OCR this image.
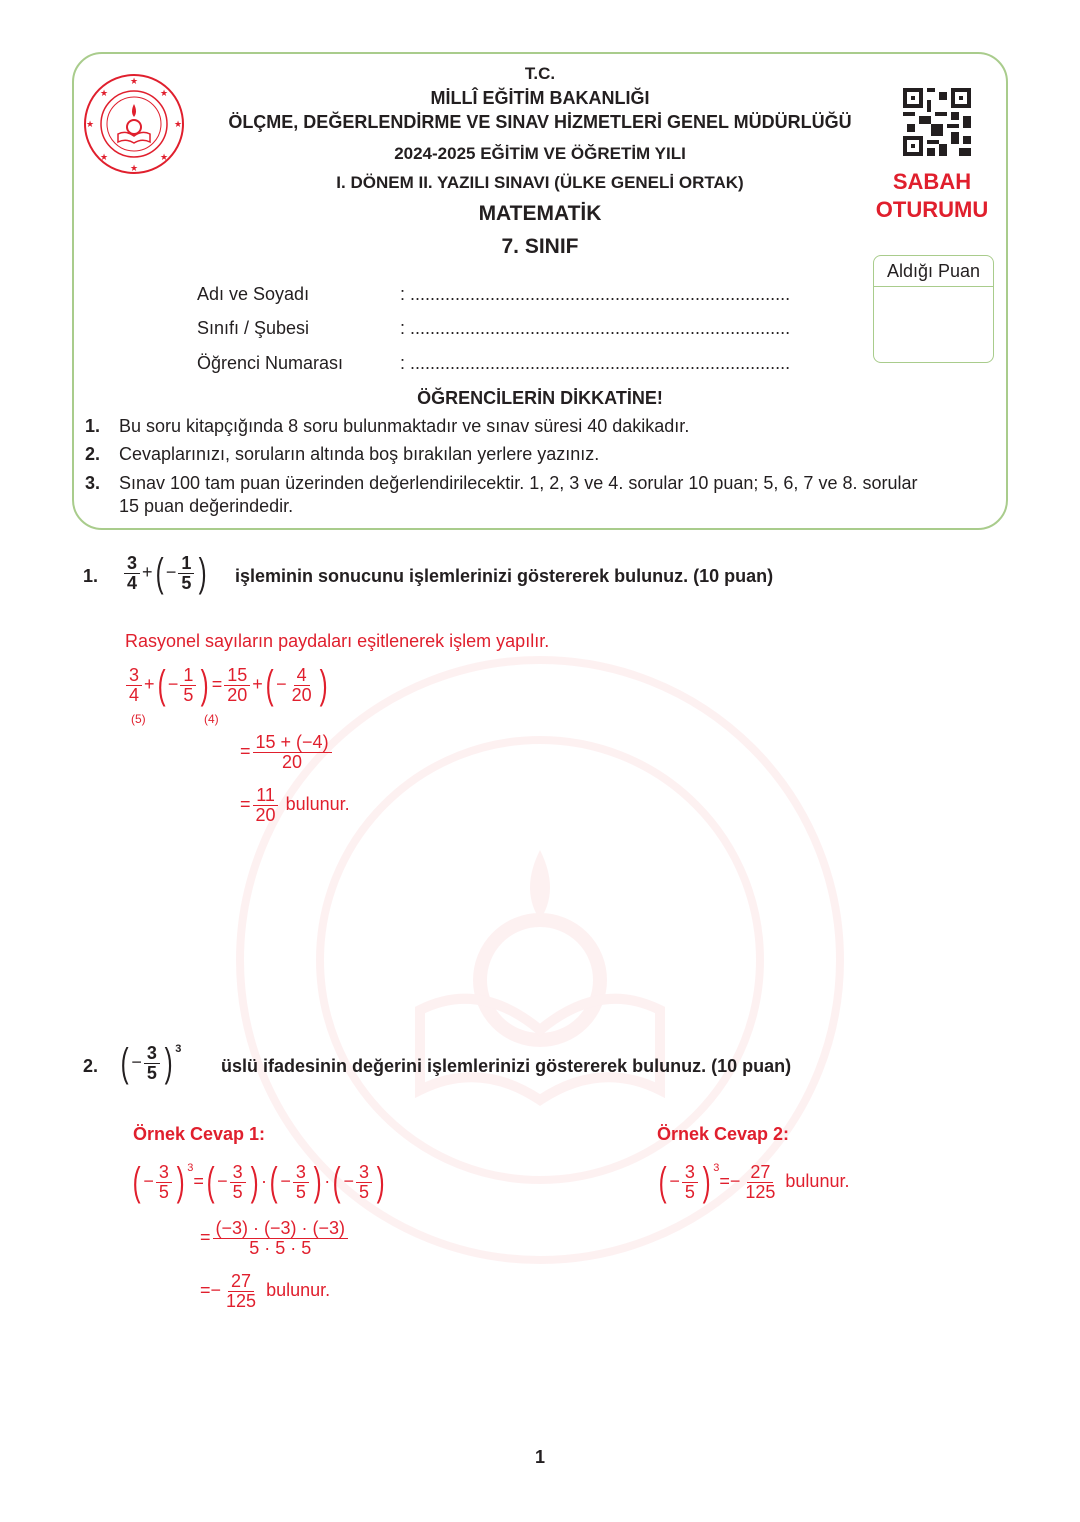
★
★
★	★
★	★
★	★
T.C.
MİLLÎ EĞİTİM BAKANLIĞI
ÖLÇME, DEĞERLENDİRME VE SINAV HİZMETLERİ GENEL MÜDÜRLÜĞÜ
2024-2025 EĞİTİM VE ÖĞRETİM YILI
I. DÖNEM II. YAZILI SINAVI (ÜLKE GENELİ ORTAK)
MATEMATİK
7. SINIF
SABAH
OTURUMU
Aldığı Puan
Adı ve Soyadı	: ............................................................................
Sınıfı / Şubesi	: ............................................................................
Öğrenci Numarası	: ............................................................................
ÖĞRENCİLERİN DİKKATİNE!
1. Bu soru kitapçığında 8 soru bulunmaktadır ve sınav süresi 40 dakikadır.
2. Cevaplarınızı, soruların altında boş bırakılan yerlere yazınız.
3. Sınav 100 tam puan üzerinden değerlendirilecektir. 1, 2, 3 ve 4. sorular 10 puan; 5, 6, 7 ve 8. sorular
15 puan değerindedir.
1. $\frac{3}{4}$ +( − $\frac{1}{5}$ ) işleminin sonucunu işlemlerinizi göstererek bulunuz. (10 puan)
Rasyonel sayıların paydaları eşitlenerek işlem yapılır.
$\frac{3}{4}$ +( − $\frac{1}{5}$ ) = $\frac{15}{20}$ +( − $\frac{4}{20}$ )
(5)	(4)
= $\frac{15 + (-4)}{20}$
= $\frac{11}{20}$ bulunur.
2. ( − $\frac{3}{5}$ ) $^3$
üslü ifadesinin değerini işlemlerinizi göstererek bulunuz. (10 puan)
Örnek Cevap 1:	Örnek Cevap 2:
( − $\frac{3}{5}$ ) $^3=( - \frac{3}{5}$ ) ·( − $\frac{3}{5}$ ) ·( − $\frac{3}{5}$ )
= $\frac{(-3) \cdot (-3) \cdot (-3)}{5 \cdot 5 \cdot 5}$
=− $\frac{27}{125}$ bulunur.
( − $\frac{3}{5}$ ) $^3=- \frac{27}{125}$ bulunur.
1
